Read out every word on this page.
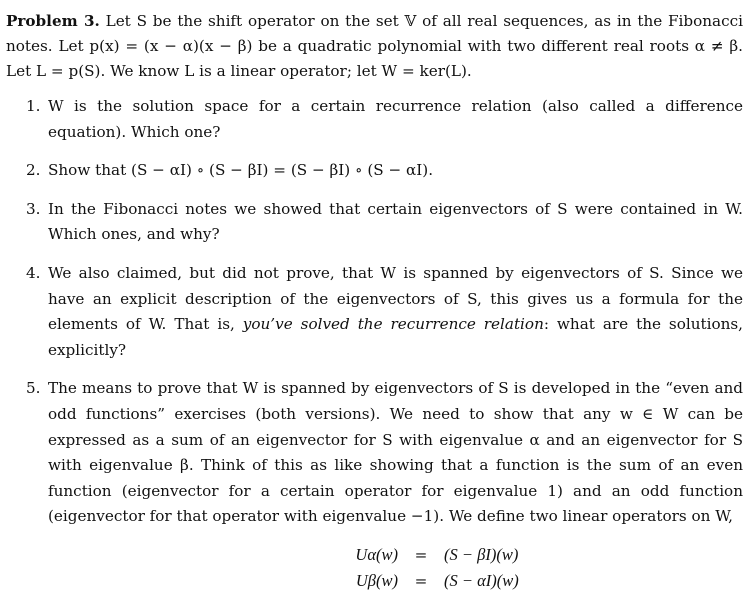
Problem 3. Let S be the shift operator on the set 𝕍 of all real sequences, as in the Fibonacci notes. Let p(x) = (x − α)(x − β) be a quadratic polynomial with two different real roots α ≠ β. Let L = p(S). We know L is a linear operator; let W = ker(L).

1. W is the solution space for a certain recurrence relation (also called a difference equation). Which one?
2. Show that (S − αI) ∘ (S − βI) = (S − βI) ∘ (S − αI).
3. In the Fibonacci notes we showed that certain eigenvectors of S were contained in W. Which ones, and why?
4. We also claimed, but did not prove, that W is spanned by eigenvectors of S. Since we have an explicit description of the eigenvectors of S, this gives us a formula for the elements of W. That is, you’ve solved the recurrence relation: what are the solutions, explicitly?
5. The means to prove that W is spanned by eigenvectors of S is developed in the “even and odd functions” exercises (both versions). We need to show that any w ∈ W can be expressed as a sum of an eigenvector for S with eigenvalue α and an eigenvector for S with eigenvalue β. Think of this as like showing that a function is the sum of an even function (eigenvector for a certain operator for eigenvalue 1) and an odd function (eigenvector for that operator with eigenvalue −1). We define two linear operators on W,
Uα(w)	=	(S − βI)(w)
Uβ(w)	=	(S − αI)(w)
